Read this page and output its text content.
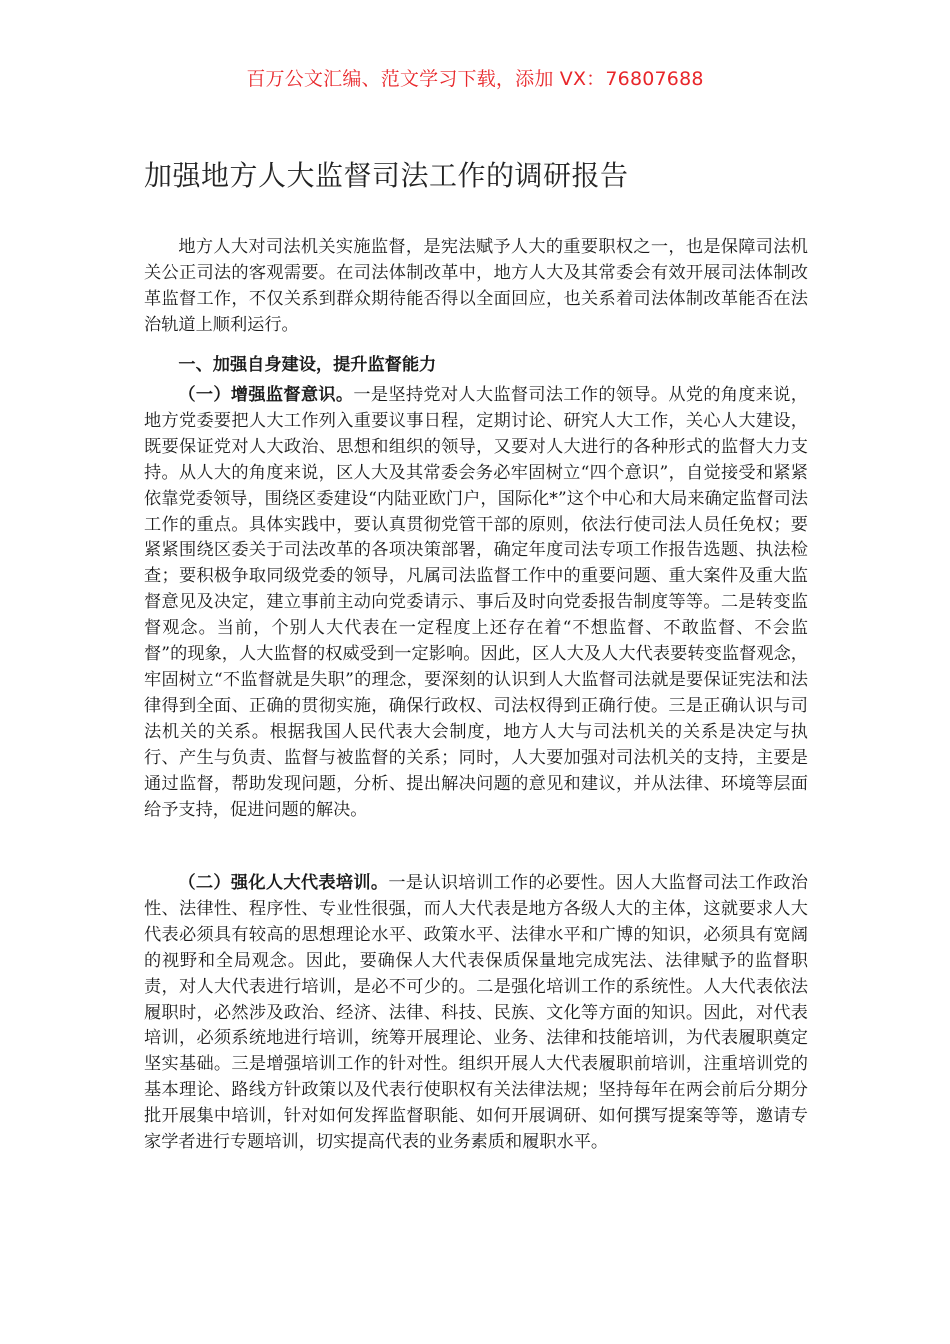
百万公文汇编、范文学习下载，添加 VX：76807688
加强地方人大监督司法工作的调研报告

地方人大对司法机关实施监督，是宪法赋予人大的重要职权之一，也是保障司法机关公正司法的客观需要。在司法体制改革中，地方人大及其常委会有效开展司法体制改革监督工作，不仅关系到群众期待能否得以全面回应，也关系着司法体制改革能否在法治轨道上顺利运行。

一、加强自身建设，提升监督能力

（一）增强监督意识。一是坚持党对人大监督司法工作的领导。从党的角度来说，地方党委要把人大工作列入重要议事日程，定期讨论、研究人大工作，关心人大建设，既要保证党对人大政治、思想和组织的领导，又要对人大进行的各种形式的监督大力支持。从人大的角度来说，区人大及其常委会务必牢固树立“四个意识”，自觉接受和紧紧依靠党委领导，围绕区委建设“内陆亚欧门户，国际化*”这个中心和大局来确定监督司法工作的重点。具体实践中，要认真贯彻党管干部的原则，依法行使司法人员任免权；要紧紧围绕区委关于司法改革的各项决策部署，确定年度司法专项工作报告选题、执法检查；要积极争取同级党委的领导，凡属司法监督工作中的重要问题、重大案件及重大监督意见及决定，建立事前主动向党委请示、事后及时向党委报告制度等等。二是转变监督观念。当前，个别人大代表在一定程度上还存在着“不想监督、不敢监督、不会监督”的现象，人大监督的权威受到一定影响。因此，区人大及人大代表要转变监督观念，牢固树立“不监督就是失职”的理念，要深刻的认识到人大监督司法就是要保证宪法和法律得到全面、正确的贯彻实施，确保行政权、司法权得到正确行使。三是正确认识与司法机关的关系。根据我国人民代表大会制度，地方人大与司法机关的关系是决定与执行、产生与负责、监督与被监督的关系；同时，人大要加强对司法机关的支持，主要是通过监督，帮助发现问题，分析、提出解决问题的意见和建议，并从法律、环境等层面给予支持，促进问题的解决。

（二）强化人大代表培训。一是认识培训工作的必要性。因人大监督司法工作政治性、法律性、程序性、专业性很强，而人大代表是地方各级人大的主体，这就要求人大代表必须具有较高的思想理论水平、政策水平、法律水平和广博的知识，必须具有宽阔的视野和全局观念。因此，要确保人大代表保质保量地完成宪法、法律赋予的监督职责，对人大代表进行培训，是必不可少的。二是强化培训工作的系统性。人大代表依法履职时，必然涉及政治、经济、法律、科技、民族、文化等方面的知识。因此，对代表培训，必须系统地进行培训，统筹开展理论、业务、法律和技能培训，为代表履职奠定坚实基础。三是增强培训工作的针对性。组织开展人大代表履职前培训，注重培训党的基本理论、路线方针政策以及代表行使职权有关法律法规；坚持每年在两会前后分期分批开展集中培训，针对如何发挥监督职能、如何开展调研、如何撰写提案等等，邀请专家学者进行专题培训，切实提高代表的业务素质和履职水平。
